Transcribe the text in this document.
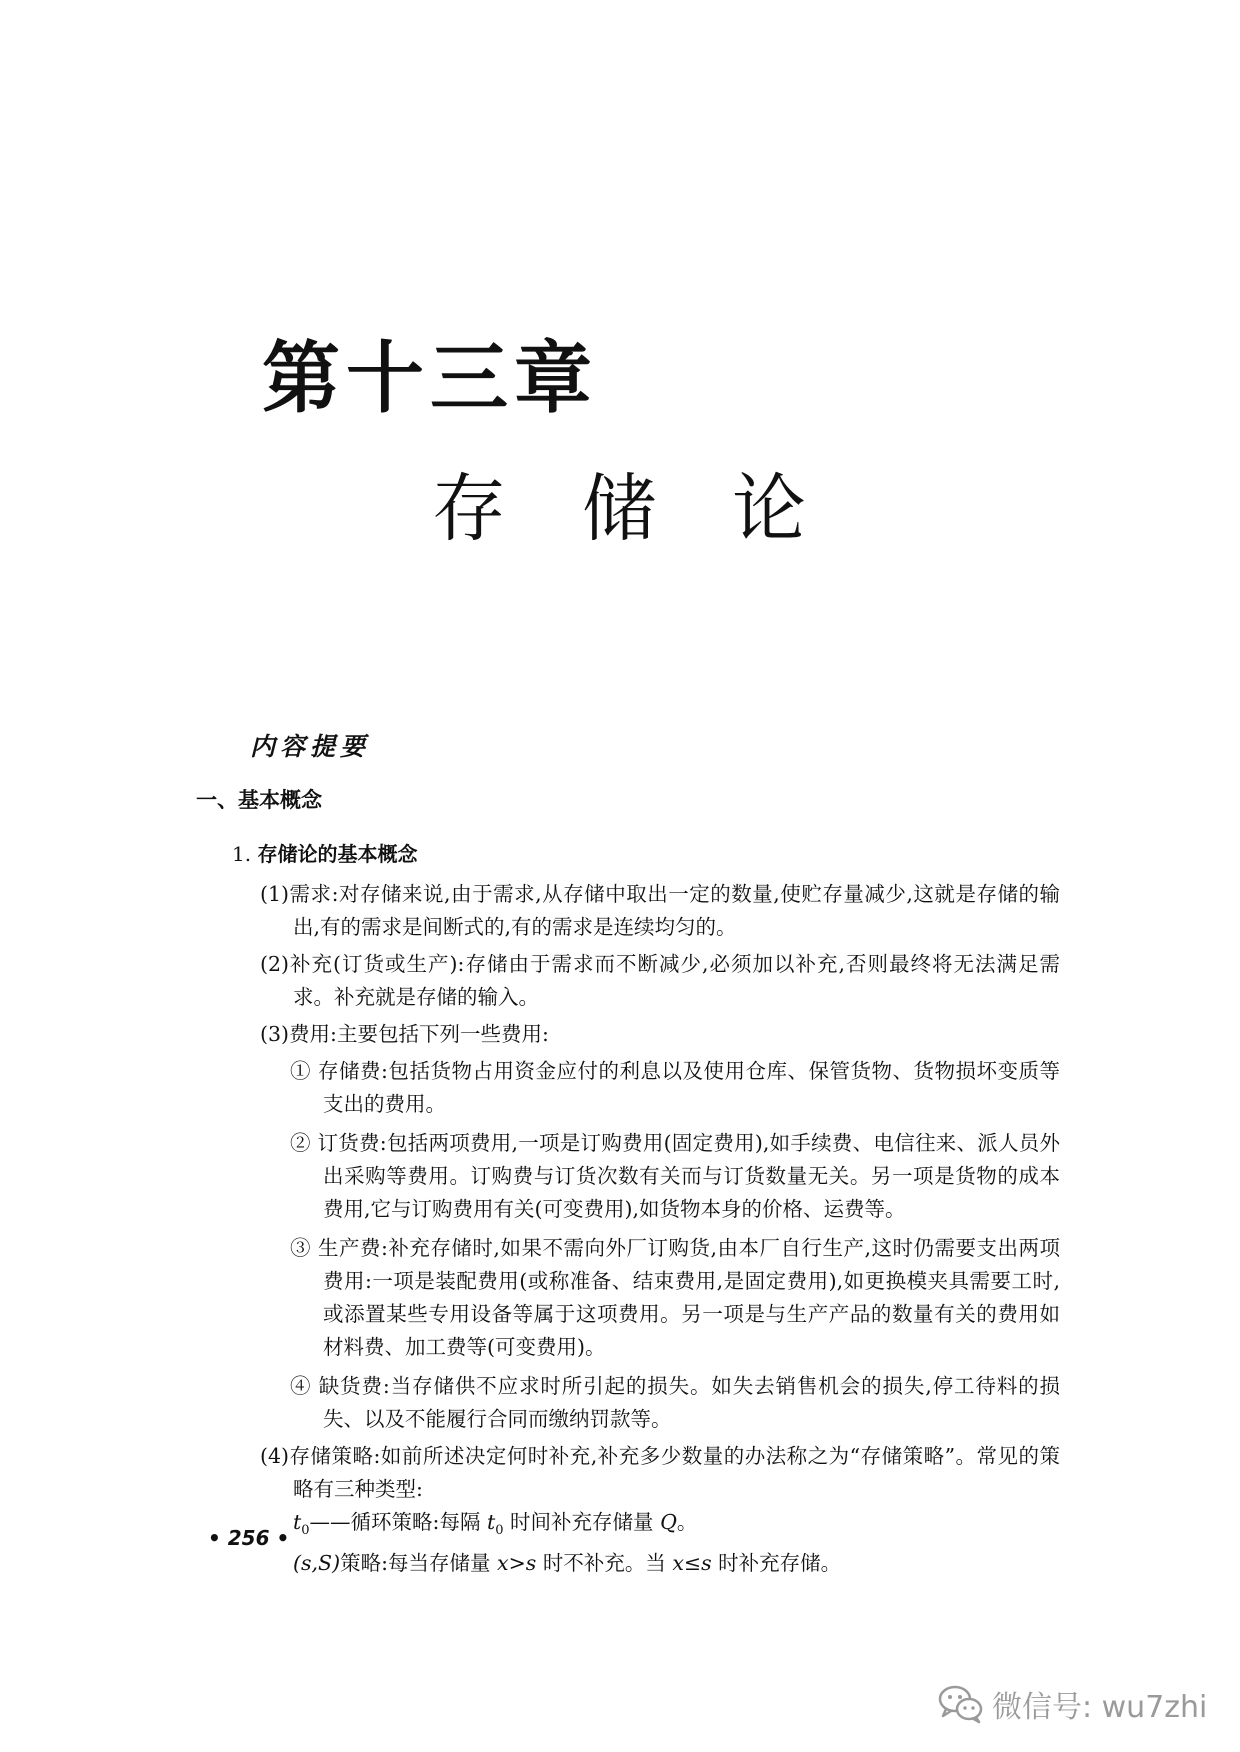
第十三章
存储论
内容提要
一、基本概念
1. 存储论的基本概念

(1)需求:对存储来说,由于需求,从存储中取出一定的数量,使贮存量减少,这就是存储的输出,有的需求是间断式的,有的需求是连续均匀的。

(2)补充(订货或生产):存储由于需求而不断减少,必须加以补充,否则最终将无法满足需求。补充就是存储的输入。

(3)费用:主要包括下列一些费用:

① 存储费:包括货物占用资金应付的利息以及使用仓库、保管货物、货物损坏变质等支出的费用。

② 订货费:包括两项费用,一项是订购费用(固定费用),如手续费、电信往来、派人员外出采购等费用。订购费与订货次数有关而与订货数量无关。另一项是货物的成本费用,它与订购费用有关(可变费用),如货物本身的价格、运费等。

③ 生产费:补充存储时,如果不需向外厂订购货,由本厂自行生产,这时仍需要支出两项费用:一项是装配费用(或称准备、结束费用,是固定费用),如更换模夹具需要工时,或添置某些专用设备等属于这项费用。另一项是与生产产品的数量有关的费用如材料费、加工费等(可变费用)。

④ 缺货费:当存储供不应求时所引起的损失。如失去销售机会的损失,停工待料的损失、以及不能履行合同而缴纳罚款等。

(4)存储策略:如前所述决定何时补充,补充多少数量的办法称之为“存储策略”。常见的策略有三种类型:

$t_0——$循环策略:每隔 $t_0$ 时间补充存储量 Q。

(s,S)策略:每当存储量 x>s 时不补充。当 x≤s 时补充存储。

• 256 •
微信号: wu7zhi
